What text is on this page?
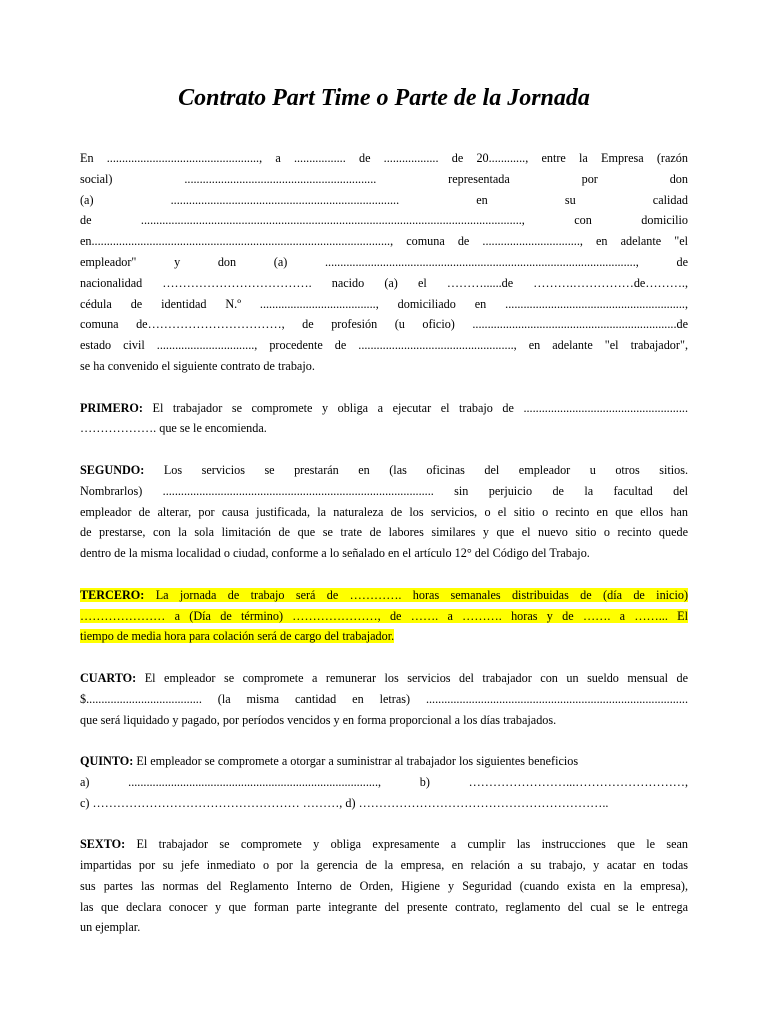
Contrato Part Time o Parte de la Jornada
En .................................................., a ................. de .................. de 20............, entre la Empresa (razón
social) ............................................................... representada por don
(a) ........................................................................... en su calidad
de ............................................................................................................................., con domicilio
en.................................................................................................., comuna de ................................, en adelante "el
empleador" y don (a) ......................................................................................................, de
nacionalidad ………………………………. nacido (a) el ………......de ……….……………de……….,
cédula de identidad N.º ......................................, domiciliado en ...........................................................,
comuna de……………………………, de profesión (u oficio) ...................................................................de
estado civil ................................, procedente de ..................................................., en adelante "el trabajador",
se ha convenido el siguiente contrato de trabajo.
PRIMERO: El trabajador se compromete y obliga a ejecutar el trabajo de ......................................................
………………. que se le encomienda.
SEGUNDO: Los servicios se prestarán en (las oficinas del empleador u otros sitios.
Nombrarlos) ......................................................................................... sin perjuicio de la facultad del
empleador de alterar, por causa justificada, la naturaleza de los servicios, o el sitio o recinto en que ellos han
de prestarse, con la sola limitación de que se trate de labores similares y que el nuevo sitio o recinto quede
dentro de la misma localidad o ciudad, conforme a lo señalado en el artículo 12° del Código del Trabajo.
TERCERO: La jornada de trabajo será de …………. horas semanales distribuidas de (día de inicio)
………………… a (Día de término) …………………, de ……. a ………. horas y de ……. a ……... El
tiempo de media hora para colación será de cargo del trabajador.
CUARTO: El empleador se compromete a remunerar los servicios del trabajador con un sueldo mensual de
$...................................... (la misma cantidad en letras) ......................................................................................
que será liquidado y pagado, por períodos vencidos y en forma proporcional a los días trabajados.
QUINTO: El empleador se compromete a otorgar a suministrar al trabajador los siguientes beneficios
a) .................................................................................., b) ……………………...………………………,
c) …………………………………………… ………, d) ……………………………………………………..
SEXTO: El trabajador se compromete y obliga expresamente a cumplir las instrucciones que le sean
impartidas por su jefe inmediato o por la gerencia de la empresa, en relación a su trabajo, y acatar en todas
sus partes las normas del Reglamento Interno de Orden, Higiene y Seguridad (cuando exista en la empresa),
las que declara conocer y que forman parte integrante del presente contrato, reglamento del cual se le entrega
un ejemplar.
